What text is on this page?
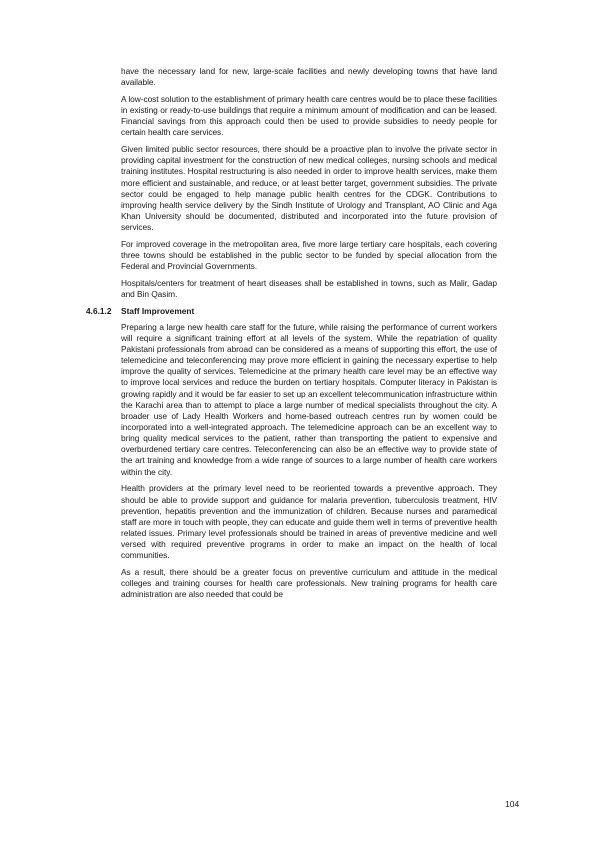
have the necessary land for new, large-scale facilities and newly developing towns that have land available.

A low-cost solution to the establishment of primary health care centres would be to place these facilities in existing or ready-to-use buildings that require a minimum amount of modification and can be leased. Financial savings from this approach could then be used to provide subsidies to needy people for certain health care services.

Given limited public sector resources, there should be a proactive plan to involve the private sector in providing capital investment for the construction of new medical colleges, nursing schools and medical training institutes. Hospital restructuring is also needed in order to improve health services, make them more efficient and sustainable, and reduce, or at least better target, government subsidies. The private sector could be engaged to help manage public health centres for the CDGK. Contributions to improving health service delivery by the Sindh Institute of Urology and Transplant, AO Clinic and Aga Khan University should be documented, distributed and incorporated into the future provision of services.

For improved coverage in the metropolitan area, five more large tertiary care hospitals, each covering three towns should be established in the public sector to be funded by special allocation from the Federal and Provincial Governments.

Hospitals/centers for treatment of heart diseases shall be established in towns, such as Malir, Gadap and Bin Qasim.

4.6.1.2 Staff Improvement

Preparing a large new health care staff for the future, while raising the performance of current workers will require a significant training effort at all levels of the system. While the repatriation of quality Pakistani professionals from abroad can be considered as a means of supporting this effort, the use of telemedicine and teleconferencing may prove more efficient in gaining the necessary expertise to help improve the quality of services. Telemedicine at the primary health care level may be an effective way to improve local services and reduce the burden on tertiary hospitals. Computer literacy in Pakistan is growing rapidly and it would be far easier to set up an excellent telecommunication infrastructure within the Karachi area than to attempt to place a large number of medical specialists throughout the city. A broader use of Lady Health Workers and home-based outreach centres run by women could be incorporated into a well-integrated approach. The telemedicine approach can be an excellent way to bring quality medical services to the patient, rather than transporting the patient to expensive and overburdened tertiary care centres. Teleconferencing can also be an effective way to provide state of the art training and knowledge from a wide range of sources to a large number of health care workers within the city.

Health providers at the primary level need to be reoriented towards a preventive approach. They should be able to provide support and guidance for malaria prevention, tuberculosis treatment, HIV prevention, hepatitis prevention and the immunization of children. Because nurses and paramedical staff are more in touch with people, they can educate and guide them well in terms of preventive health related issues. Primary level professionals should be trained in areas of preventive medicine and well versed with required preventive programs in order to make an impact on the health of local communities.

As a result, there should be a greater focus on preventive curriculum and attitude in the medical colleges and training courses for health care professionals. New training programs for health care administration are also needed that could be

104
